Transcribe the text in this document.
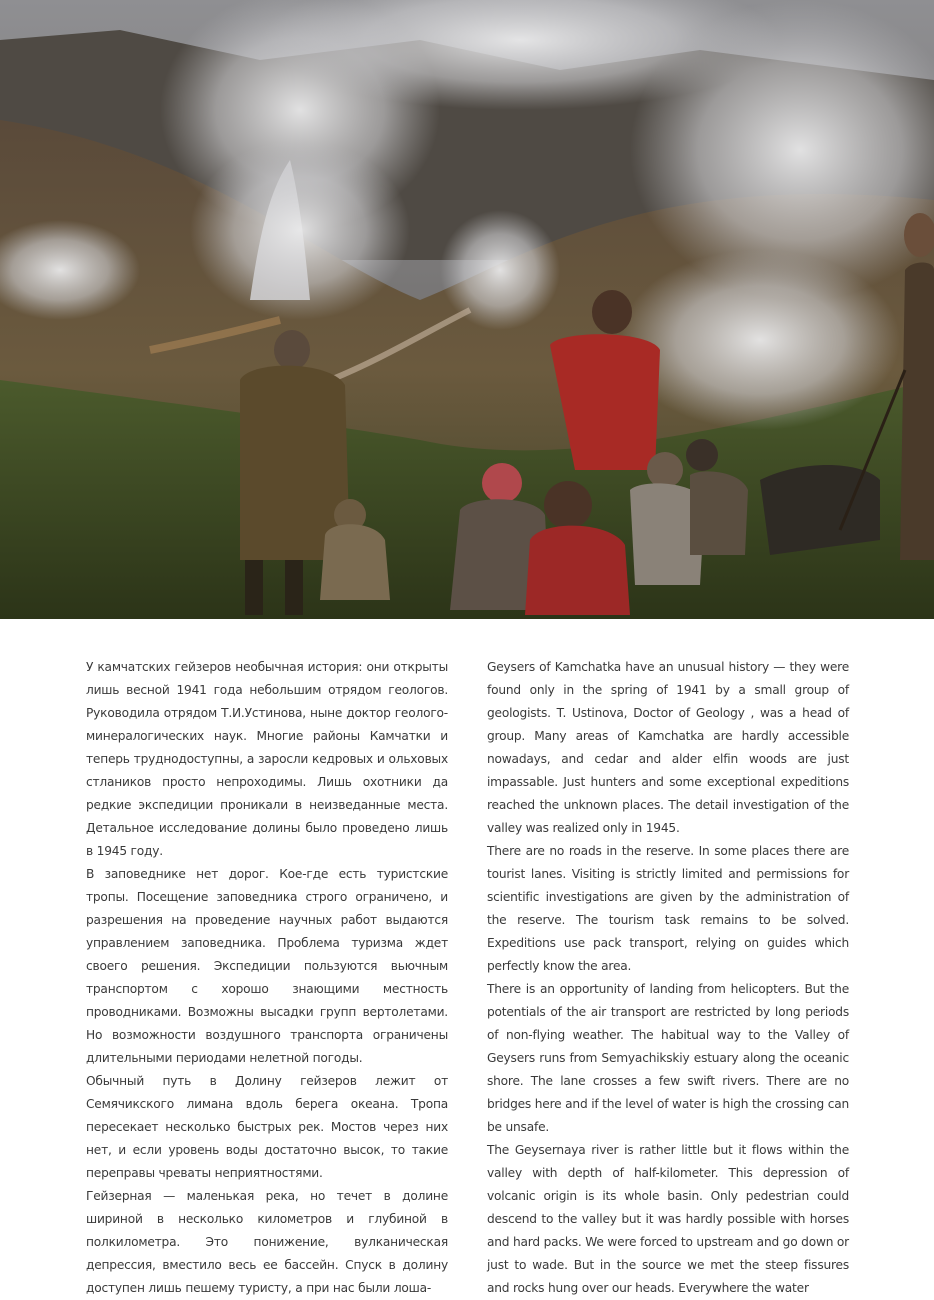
У камчатских гейзеров необычная история: они открыты лишь весной 1941 года небольшим отрядом геологов. Руководила отрядом Т.И.Устинова, ныне доктор геолого-минералогических наук. Многие районы Камчатки и теперь труднодоступны, а заросли кедровых и ольховых стлаников просто непроходимы. Лишь охотники да редкие экспедиции проникали в неизведанные места. Детальное исследование долины было проведено лишь в 1945 году.

В заповеднике нет дорог. Кое-где есть туристские тропы. Посещение заповедника строго ограничено, и разрешения на проведение научных работ выдаются управлением заповедника. Проблема туризма ждет своего решения. Экспедиции пользуются вьючным транспортом с хорошо знающими местность проводниками. Возможны высадки групп вертолетами. Но возможности воздушного транспорта ограничены длительными периодами нелетной погоды.

Обычный путь в Долину гейзеров лежит от Семячикского лимана вдоль берега океана. Тропа пересекает несколько быстрых рек. Мостов через них нет, и если уровень воды достаточно высок, то такие переправы чреваты неприятностями.

Гейзерная — маленькая река, но течет в долине шириной в несколько километров и глубиной в полкилометра. Это понижение, вулканическая депрессия, вместило весь ее бассейн. Спуск в долину доступен лишь пешему туристу, а при нас были лоша-

Geysers of Kamchatka have an unusual history — they were found only in the spring of 1941 by a small group of geologists. T. Ustinova, Doctor of Geology , was a head of group. Many areas of Kamchatka are hardly accessible nowadays, and cedar and alder elfin woods are just impassable. Just hunters and some exceptional expeditions reached the unknown places. The detail investigation of the valley was realized only in 1945.

There are no roads in the reserve. In some places there are tourist lanes. Visiting is strictly limited and permissions for scientific investigations are given by the administration of the reserve. The tourism task remains to be solved. Expeditions use pack transport, relying on guides which perfectly know the area.

There is an opportunity of landing from helicopters. But the potentials of the air transport are restricted by long periods of non-flying weather. The habitual way to the Valley of Geysers runs from Semyachikskiy estuary along the oceanic shore. The lane crosses a few swift rivers. There are no bridges here and if the level of water is high the crossing can be unsafe.

The Geysernaya river is rather little but it flows within the valley with depth of half-kilometer. This depression of volcanic origin is its whole basin. Only pedestrian could descend to the valley but it was hardly possible with horses and hard packs. We were forced to upstream and go down or just to wade. But in the source we met the steep fissures and rocks hung over our heads. Everywhere the water
